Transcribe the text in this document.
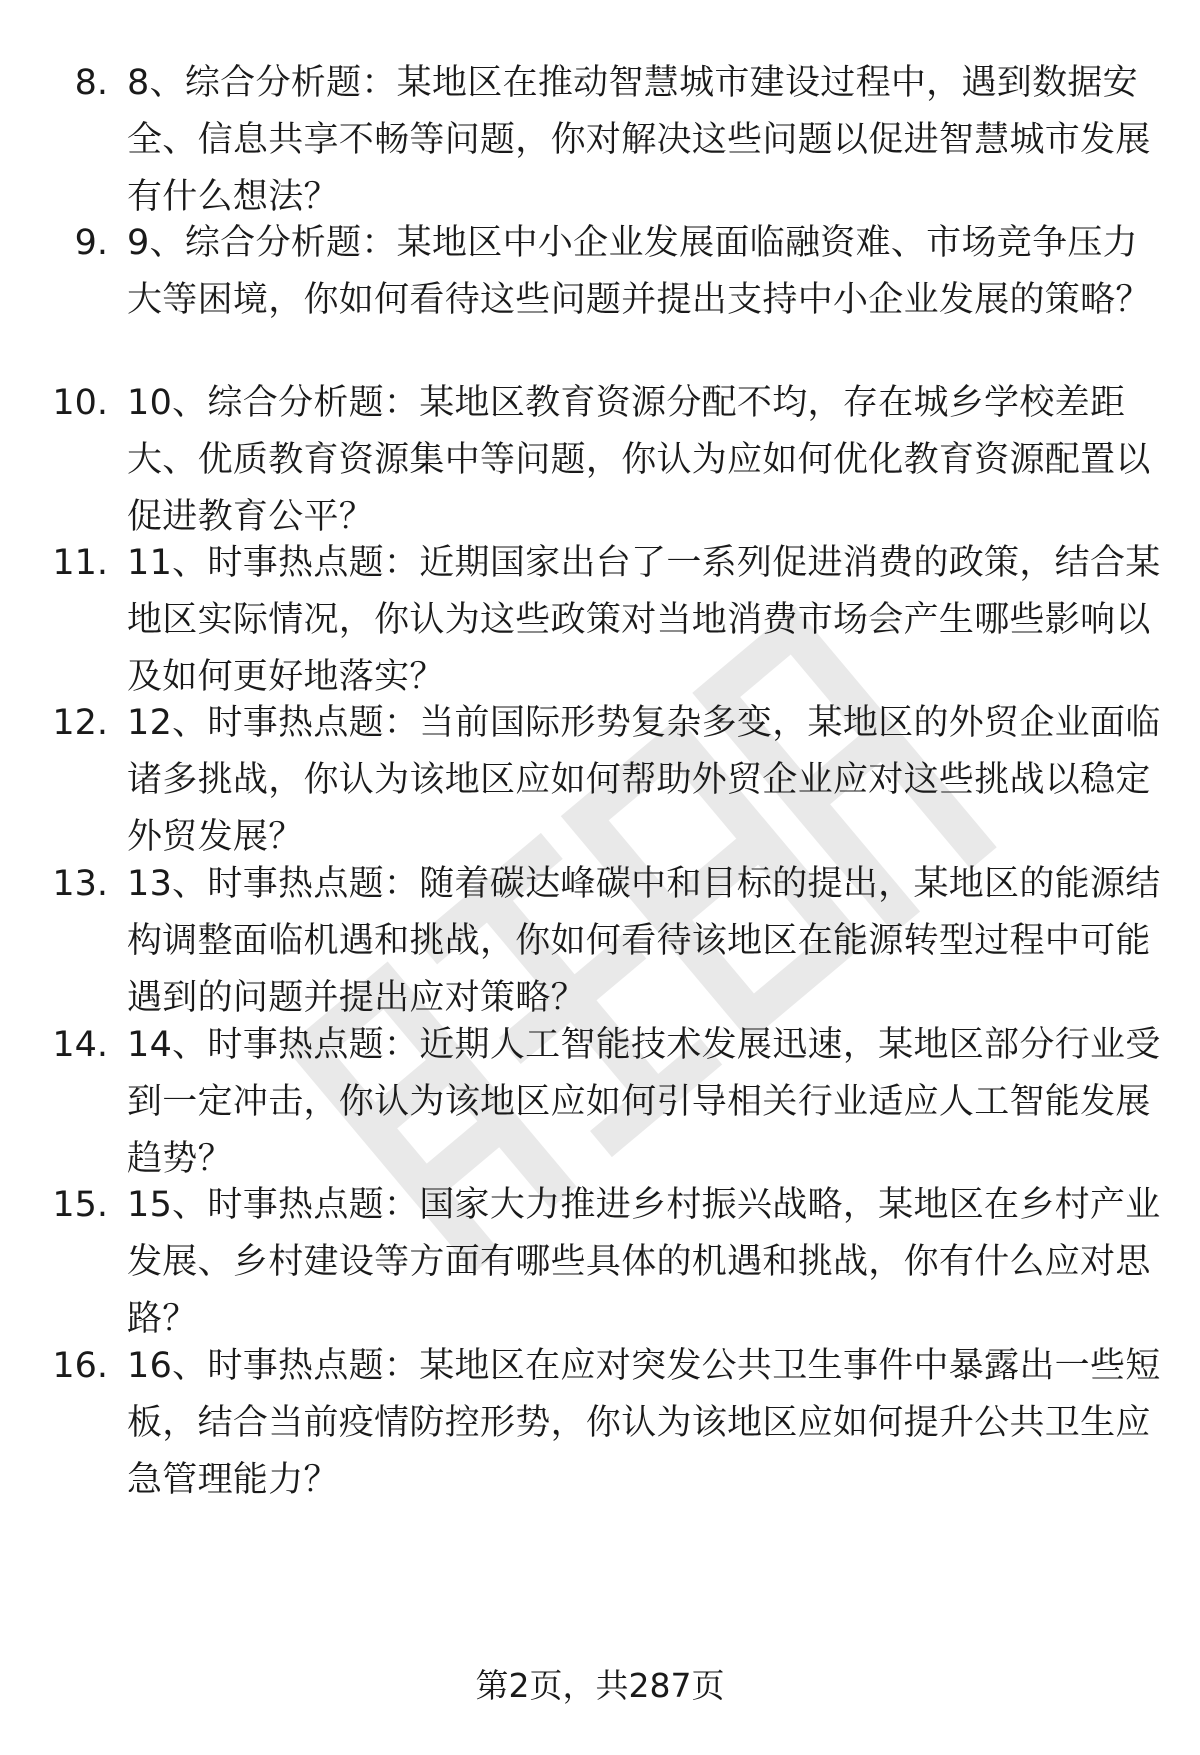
8. 8、综合分析题：某地区在推动智慧城市建设过程中，遇到数据安全、信息共享不畅等问题，你对解决这些问题以促进智慧城市发展有什么想法？
9. 9、综合分析题：某地区中小企业发展面临融资难、市场竞争压力大等困境，你如何看待这些问题并提出支持中小企业发展的策略？
10. 10、综合分析题：某地区教育资源分配不均，存在城乡学校差距大、优质教育资源集中等问题，你认为应如何优化教育资源配置以促进教育公平？
11. 11、时事热点题：近期国家出台了一系列促进消费的政策，结合某地区实际情况，你认为这些政策对当地消费市场会产生哪些影响以及如何更好地落实？
12. 12、时事热点题：当前国际形势复杂多变，某地区的外贸企业面临诸多挑战，你认为该地区应如何帮助外贸企业应对这些挑战以稳定外贸发展？
13. 13、时事热点题：随着碳达峰碳中和目标的提出，某地区的能源结构调整面临机遇和挑战，你如何看待该地区在能源转型过程中可能遇到的问题并提出应对策略？
14. 14、时事热点题：近期人工智能技术发展迅速，某地区部分行业受到一定冲击，你认为该地区应如何引导相关行业适应人工智能发展趋势？
15. 15、时事热点题：国家大力推进乡村振兴战略，某地区在乡村产业发展、乡村建设等方面有哪些具体的机遇和挑战，你有什么应对思路？
16. 16、时事热点题：某地区在应对突发公共卫生事件中暴露出一些短板，结合当前疫情防控形势，你认为该地区应如何提升公共卫生应急管理能力？
第2页，共287页
